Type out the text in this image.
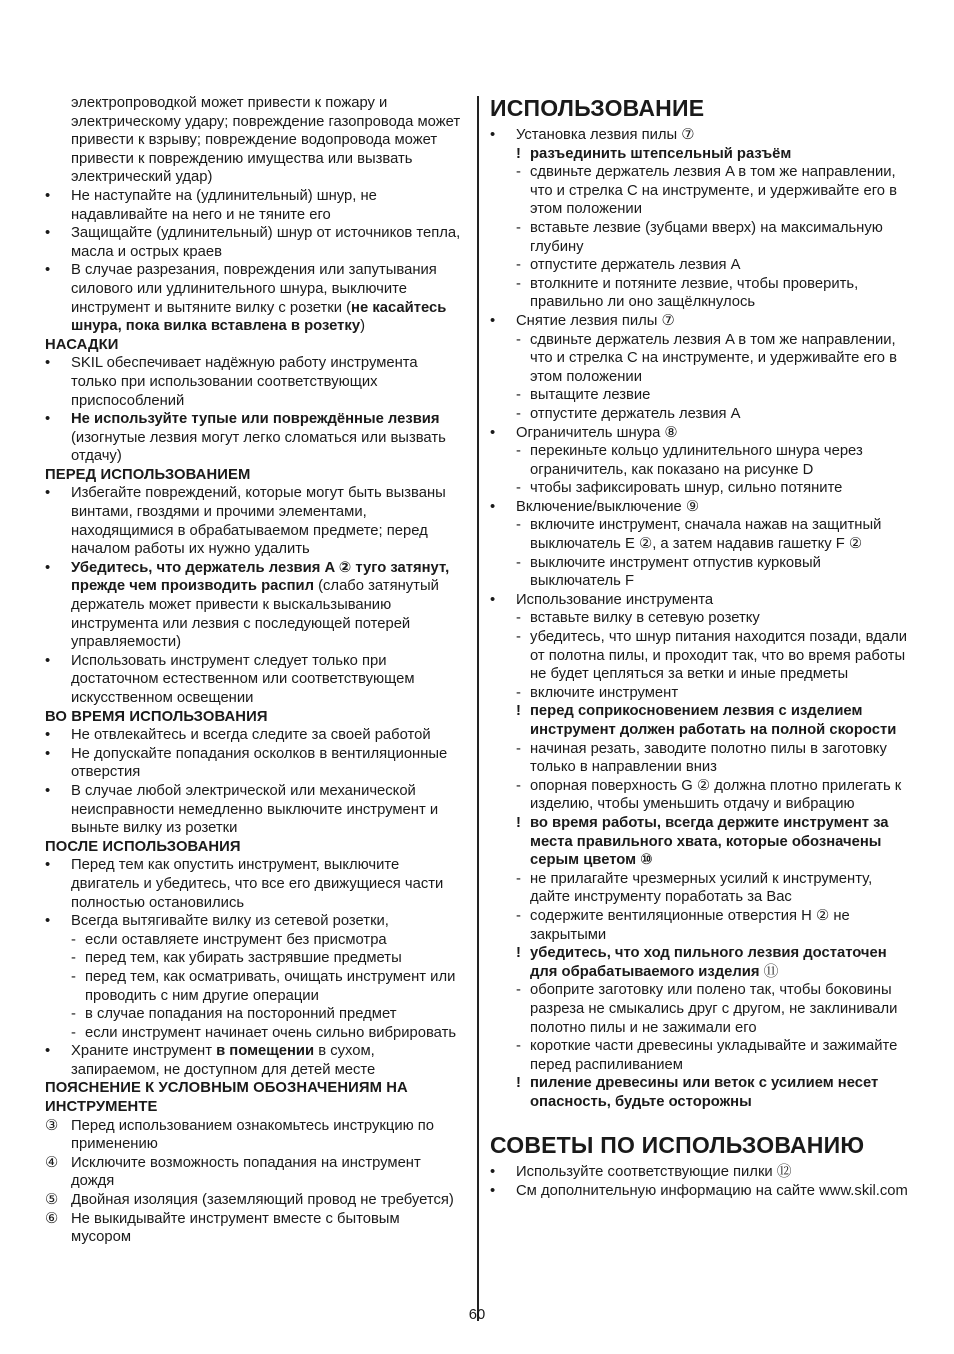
электропроводкой может привести к пожару и электрическому удару; повреждение газопровода может привести к взрыву; повреждение водопровода может привести к повреждению имущества или вызвать электрический удар)
• Не наступайте на (удлинительный) шнур, не надавливайте на него и не тяните его
• Защищайте (удлинительный) шнур от источников тепла, масла и острых краев
• В случае разрезания, повреждения или запутывания силового или удлинительного шнура, выключите инструмент и вытяните вилку с розетки (не касайтесь шнура, пока вилка вставлена в розетку)
НАСАДКИ
• SKIL обеспечивает надёжную работу инструмента только при использовании соответствующих приспособлений
• Не используйте тупые или повреждённые лезвия (изогнутые лезвия могут легко сломаться или вызвать отдачу)
ПЕРЕД ИСПОЛЬЗОВАНИЕМ
• Избегайте повреждений, которые могут быть вызваны винтами, гвоздями и прочими элементами, находящимися в обрабатываемом предмете; перед началом работы их нужно удалить
• Убедитесь, что держатель лезвия A ② туго затянут, прежде чем производить распил (слабо затянутый держатель может привести к выскальзыванию инструмента или лезвия с последующей потерей управляемости)
• Использовать инструмент следует только при достаточном естественном или соответствующем искусственном освещении
ВО ВРЕМЯ ИСПОЛЬЗОВАНИЯ
• Не отвлекайтесь и всегда следите за своей работой
• Не допускайте попадания осколков в вентиляционные отверстия
• В случае любой электрической или механической неисправности немедленно выключите инструмент и выньте вилку из розетки
ПОСЛЕ ИСПОЛЬЗОВАНИЯ
• Перед тем как опустить инструмент, выключите двигатель и убедитесь, что все его движущиеся части полностью остановились
• Всегда вытягивайте вилку из сетевой розетки,
- если оставляете инструмент без присмотра
- перед тем, как убирать застрявшие предметы
- перед тем, как осматривать, очищать инструмент или проводить с ним другие операции
- в случае попадания на посторонний предмет
- если инструмент начинает очень сильно вибрировать
• Храните инструмент в помещении в сухом, запираемом, не доступном для детей месте
ПОЯСНЕНИЕ К УСЛОВНЫМ ОБОЗНАЧЕНИЯМ НА ИНСТРУМЕНТЕ
③ Перед использованием ознакомьтесь инструкцию по применению
④ Исключите возможность попадания на инструмент дождя
⑤ Двойная изоляция (заземляющий провод не требуется)
⑥ Не выкидывайте инструмент вместе с бытовым мусором
ИСПОЛЬЗОВАНИЕ
• Установка лезвия пилы ⑦
! разъединить штепсельный разъём
- сдвиньте держатель лезвия A в том же направлении, что и стрелка C на инструменте, и удерживайте его в этом положении
- вставьте лезвие (зубцами вверх) на максимальную глубину
- отпустите держатель лезвия A
- втолкните и потяните лезвие, чтобы проверить, правильно ли оно защёлкнулось
• Снятие лезвия пилы ⑦
- сдвиньте держатель лезвия A в том же направлении, что и стрелка C на инструменте, и удерживайте его в этом положении
- вытащите лезвие
- отпустите держатель лезвия A
• Ограничитель шнура ⑧
- перекиньте кольцо удлинительного шнура через ограничитель, как показано на рисунке D
- чтобы зафиксировать шнур, сильно потяните
• Включение/выключение ⑨
- включите инструмент, сначала нажав на защитный выключатель E ②, а затем надавив гашетку F ②
- выключите инструмент отпустив курковый выключатель F
• Использование инструмента
- вставьте вилку в сетевую розетку
- убедитесь, что шнур питания находится позади, вдали от полотна пилы, и проходит так, что во время работы не будет цепляться за ветки и иные предметы
- включите инструмент
! перед соприкосновением лезвия с изделием инструмент должен работать на полной скорости
- начиная резать, заводите полотно пилы в заготовку только в направлении вниз
- опорная поверхность G ② должна плотно прилегать к изделию, чтобы уменьшить отдачу и вибрацию
! во время работы, всегда держите инструмент за места правильного хвата, которые обозначены серым цветом ⑩
- не прилагайте чрезмерных усилий к инструменту, дайте инструменту поработать за Вас
- содержите вентиляционные отверстия H ② не закрытыми
! убедитесь, что ход пильного лезвия достаточен для обрабатываемого изделия ⑪
- обоприте заготовку или полено так, чтобы боковины разреза не смыкались друг с другом, не заклинивали полотно пилы и не зажимали его
- короткие части древесины укладывайте и зажимайте перед распиливанием
! пиление древесины или веток с усилием несет опасность, будьте осторожны
СОВЕТЫ ПО ИСПОЛЬЗОВАНИЮ
• Используйте соответствующие пилки ⑫
• См дополнительную информацию на сайте www.skil.com
60
